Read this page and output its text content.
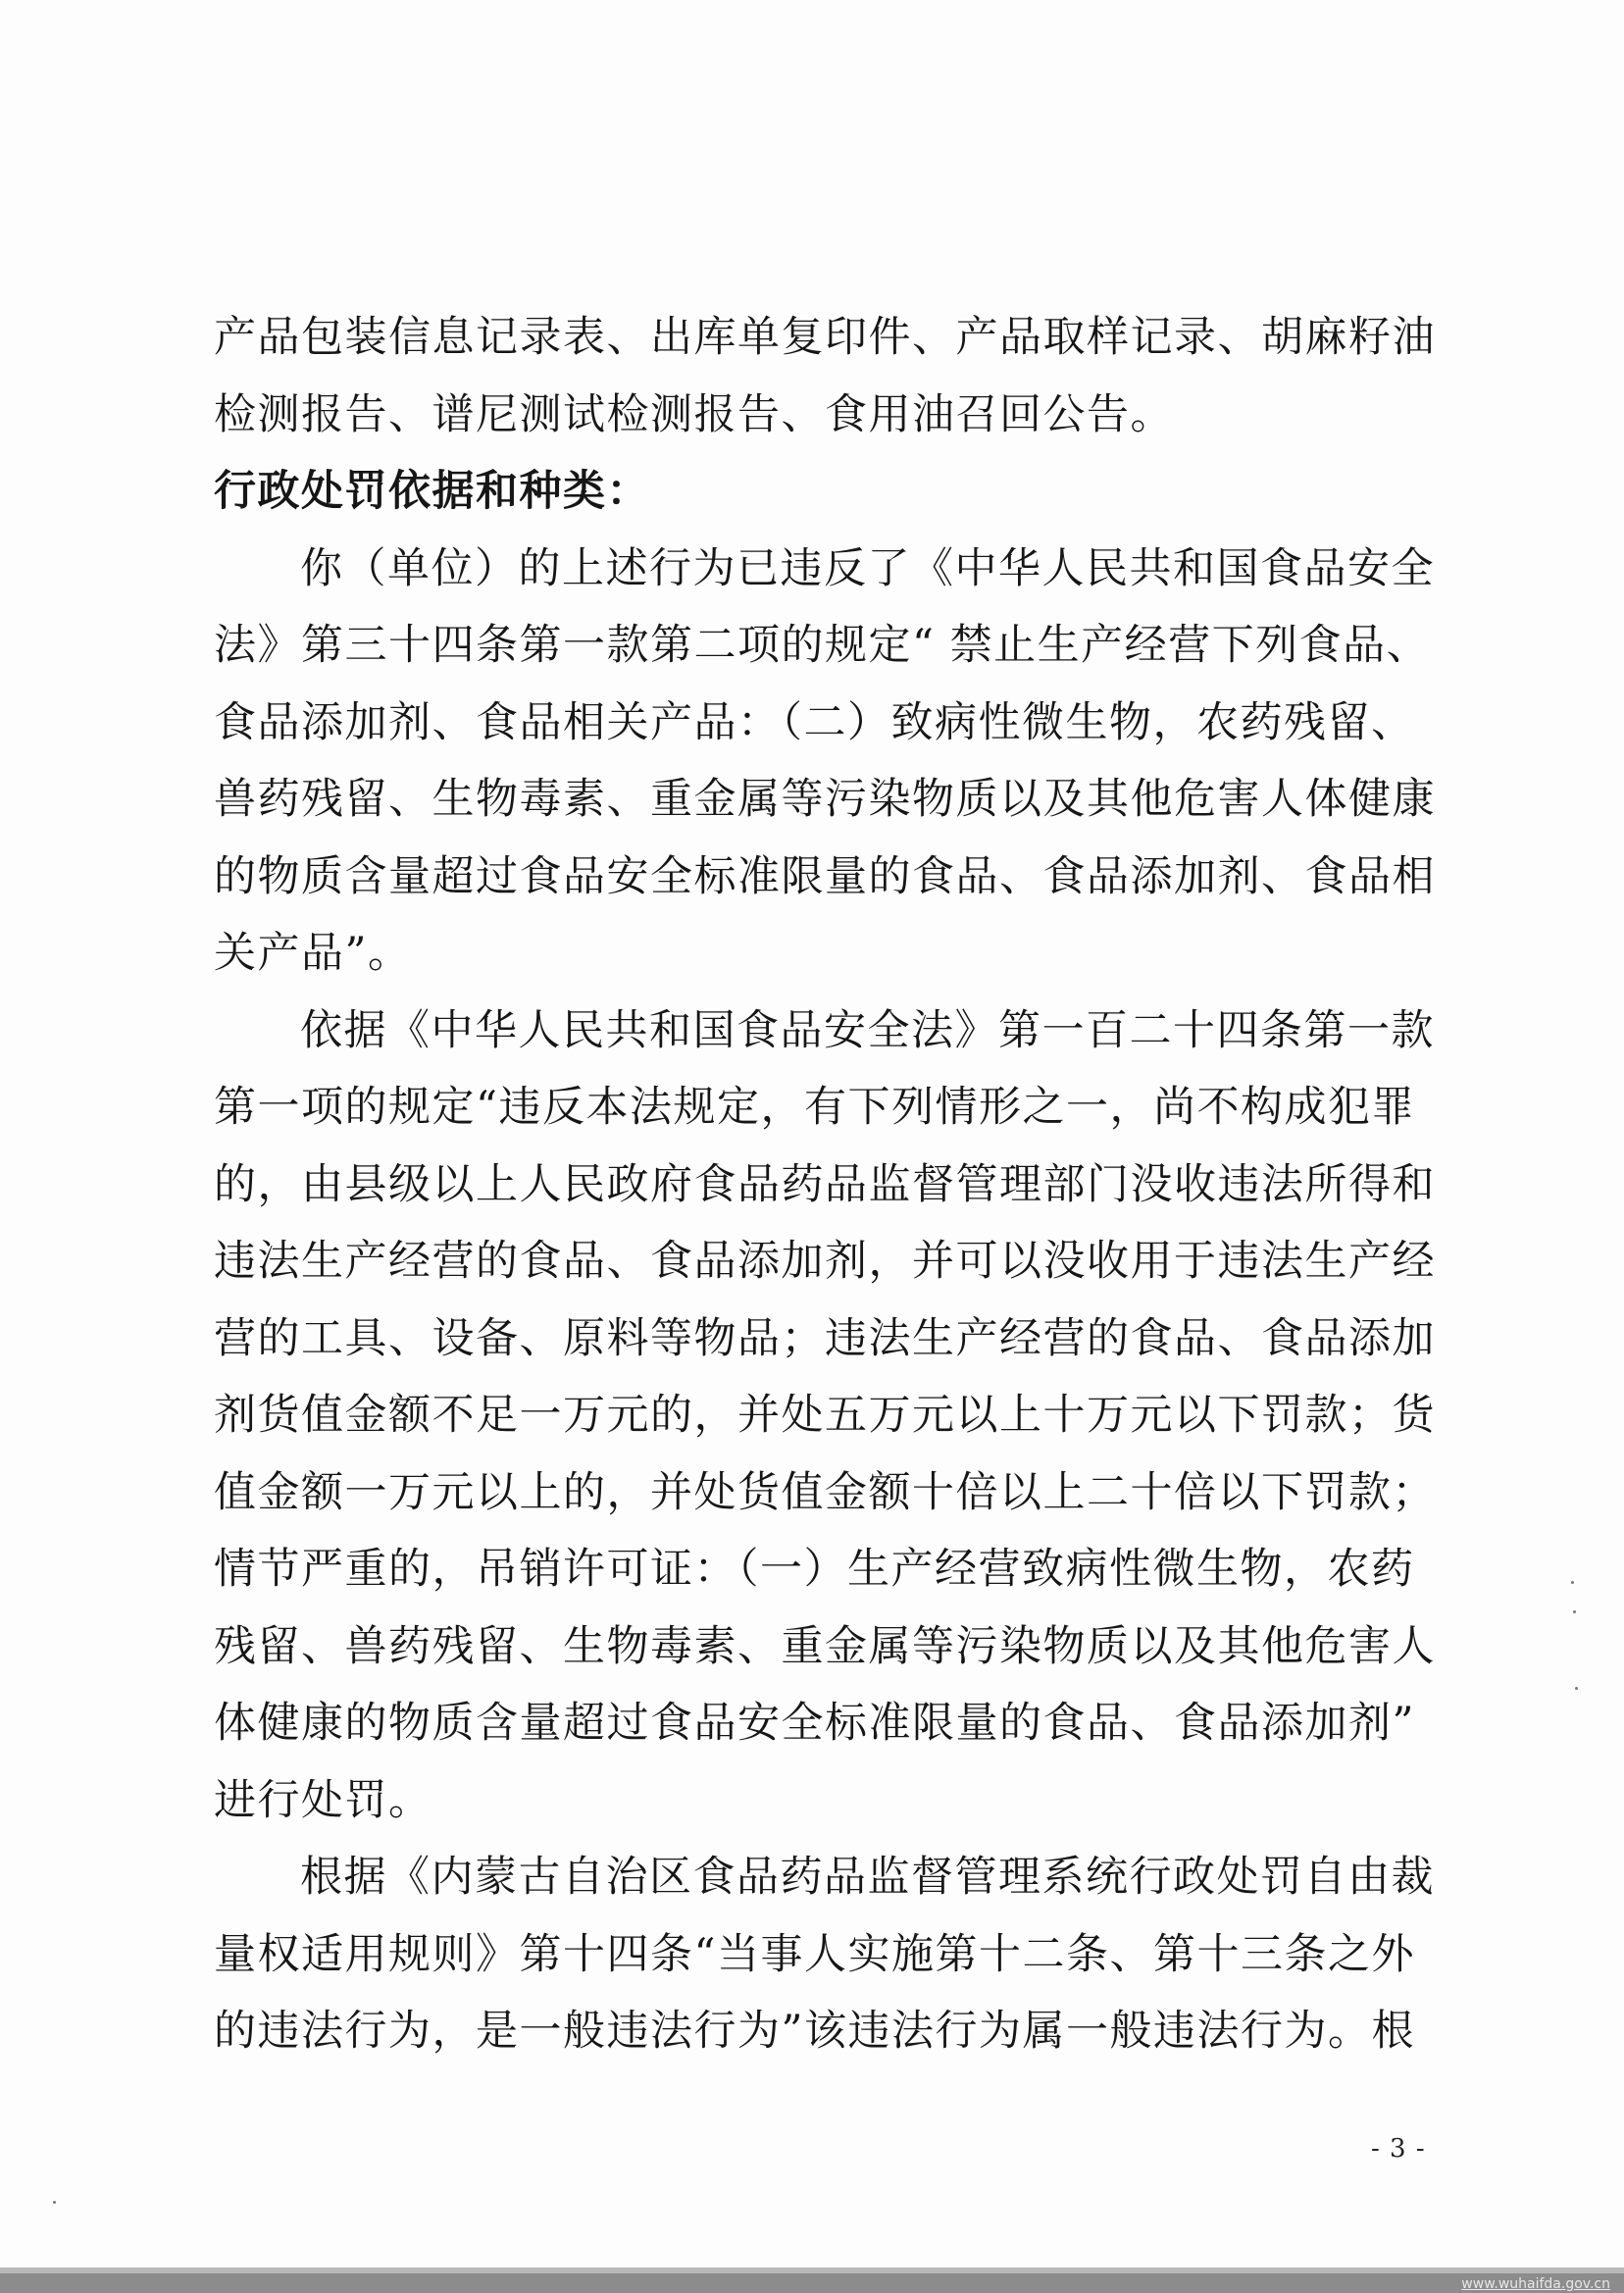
产品包装信息记录表、出库单复印件、产品取样记录、胡麻籽油
检测报告、谱尼测试检测报告、食用油召回公告。
行政处罚依据和种类：
你（单位）的上述行为已违反了《中华人民共和国食品安全
法》第三十四条第一款第二项的规定“ 禁止生产经营下列食品、
食品添加剂、食品相关产品：（二）致病性微生物，农药残留、
兽药残留、生物毒素、重金属等污染物质以及其他危害人体健康
的物质含量超过食品安全标准限量的食品、食品添加剂、食品相
关产品”。
依据《中华人民共和国食品安全法》第一百二十四条第一款
第一项的规定“违反本法规定，有下列情形之一，尚不构成犯罪
的，由县级以上人民政府食品药品监督管理部门没收违法所得和
违法生产经营的食品、食品添加剂，并可以没收用于违法生产经
营的工具、设备、原料等物品；违法生产经营的食品、食品添加
剂货值金额不足一万元的，并处五万元以上十万元以下罚款；货
值金额一万元以上的，并处货值金额十倍以上二十倍以下罚款；
情节严重的，吊销许可证：（一）生产经营致病性微生物，农药
残留、兽药残留、生物毒素、重金属等污染物质以及其他危害人
体健康的物质含量超过食品安全标准限量的食品、食品添加剂”
进行处罚。
根据《内蒙古自治区食品药品监督管理系统行政处罚自由裁
量权适用规则》第十四条“当事人实施第十二条、第十三条之外
的违法行为，是一般违法行为”该违法行为属一般违法行为。根
- 3 -
www.wuhaifda.gov.cn
